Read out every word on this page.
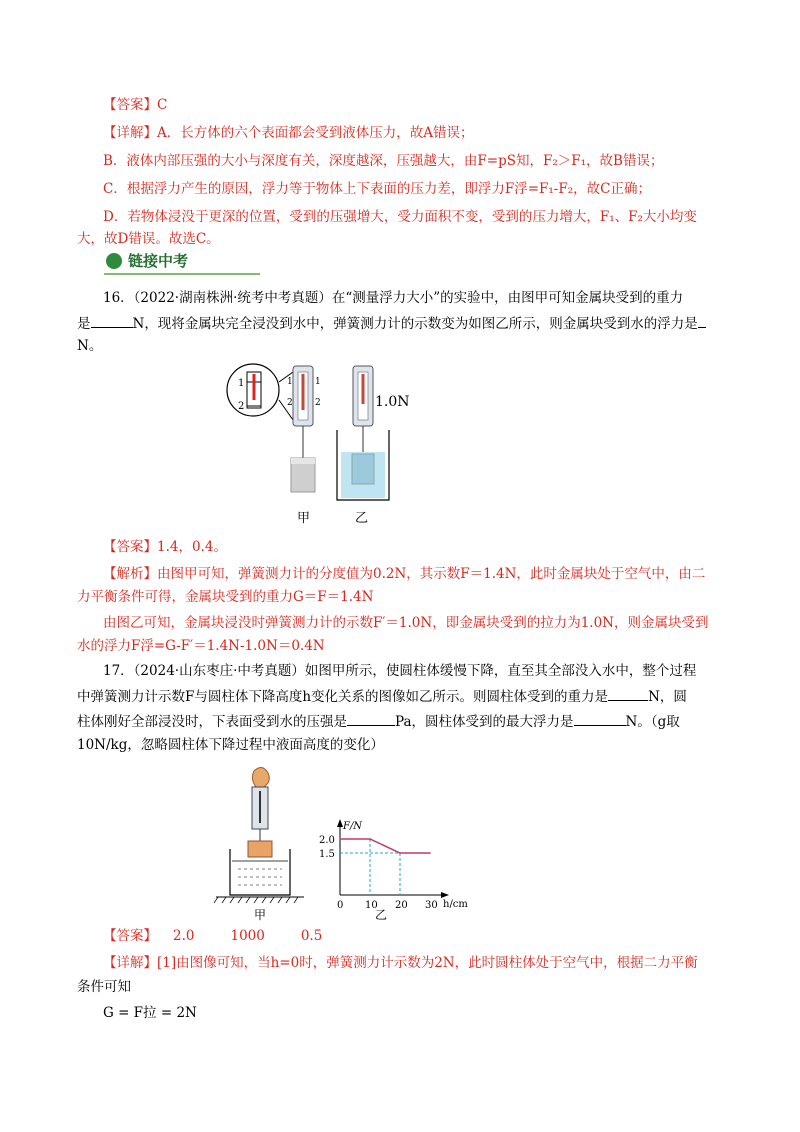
【答案】C
【详解】A．长方体的六个表面都会受到液体压力，故A错误；
B．液体内部压强的大小与深度有关，深度越深，压强越大，由F=pS知，F₂＞F₁，故B错误；
C．根据浮力产生的原因，浮力等于物体上下表面的压力差，即浮力F浮=F₁-F₂，故C正确；
D．若物体浸没于更深的位置，受到的压强增大，受力面积不变，受到的压力增大，F₁、F₂大小均变
大，故D错误。故选C。
链接中考
16．（2022·湖南株洲·统考中考真题）在“测量浮力大小”的实验中，由图甲可知金属块受到的重力
是	N，现将金属块完全浸没到水中，弹簧测力计的示数变为如图乙所示，则金属块受到水的浮力是
N。
1
2
1 1
2 2	1.0N
甲	乙
【答案】1.4，0.4。
【解析】由图甲可知，弹簧测力计的分度值为0.2N，其示数F＝1.4N，此时金属块处于空气中，由二
力平衡条件可得，金属块受到的重力G＝F＝1.4N
由图乙可知，金属块浸没时弹簧测力计的示数F′＝1.0N，即金属块受到的拉力为1.0N，则金属块受到
水的浮力F浮=G-F′＝1.4N-1.0N＝0.4N
17．（2024·山东枣庄·中考真题）如图甲所示，使圆柱体缓慢下降，直至其全部没入水中，整个过程
中弹簧测力计示数F与圆柱体下降高度h变化关系的图像如乙所示。则圆柱体受到的重力是	N，圆
柱体刚好全部浸没时，下表面受到水的压强是	Pa，圆柱体受到的最大浮力是	N。（g取
10N/kg，忽略圆柱体下降过程中液面高度的变化）
甲
F/N
h/cm
乙
2.0
1.5
0 10 20 30
【答案】 2.0	1000	0.5
【详解】[1]由图像可知，当h=0时，弹簧测力计示数为2N，此时圆柱体处于空气中，根据二力平衡
条件可知
G = F拉 = 2N
